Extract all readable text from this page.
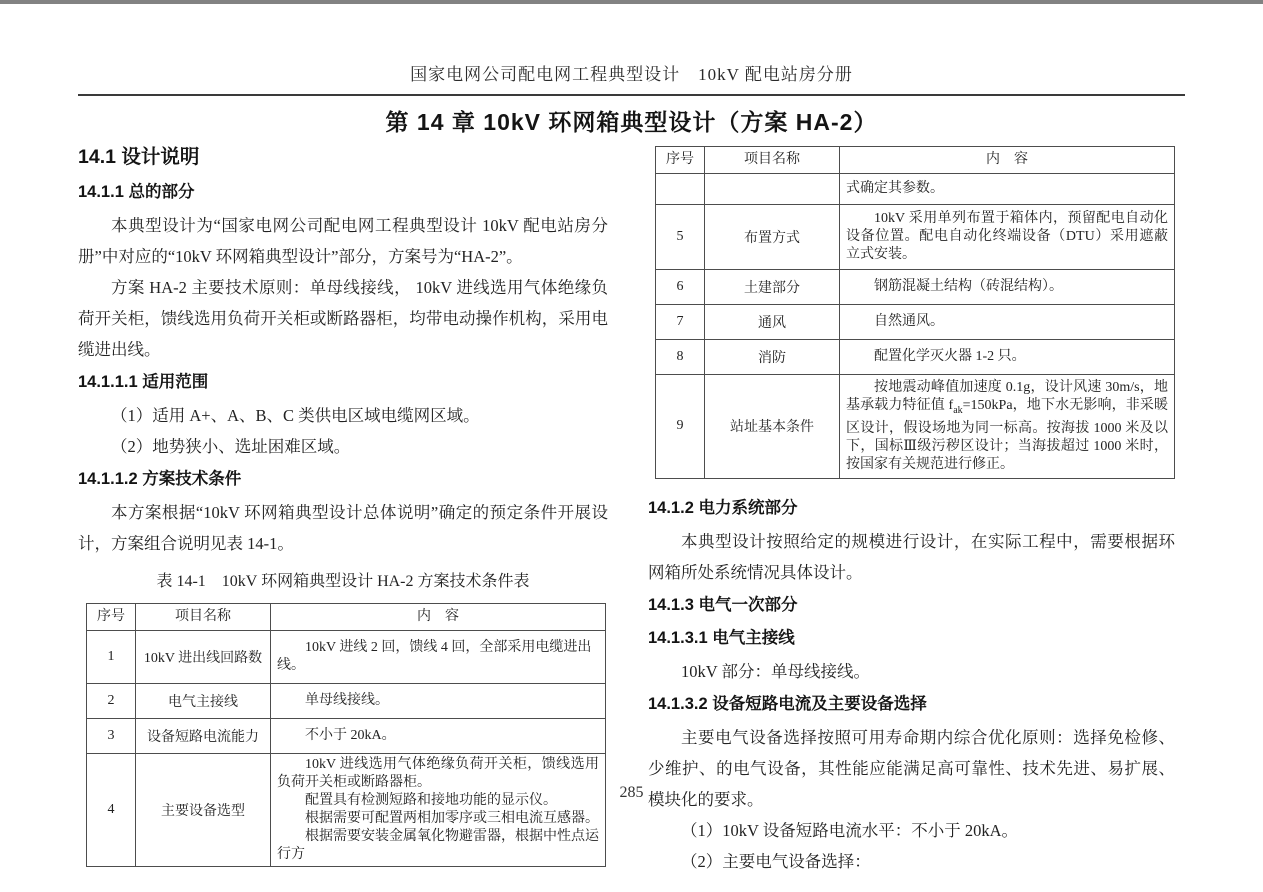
国家电网公司配电网工程典型设计　10kV 配电站房分册
第 14 章 10kV 环网箱典型设计（方案 HA-2）
14.1 设计说明
14.1.1 总的部分

本典型设计为“国家电网公司配电网工程典型设计 10kV 配电站房分册”中对应的“10kV 环网箱典型设计”部分，方案号为“HA-2”。

方案 HA-2 主要技术原则：单母线接线， 10kV 进线选用气体绝缘负荷开关柜，馈线选用负荷开关柜或断路器柜，均带电动操作机构，采用电缆进出线。

14.1.1.1 适用范围

（1）适用 A+、A、B、C 类供电区域电缆网区域。

（2）地势狭小、选址困难区域。

14.1.1.2 方案技术条件

本方案根据“10kV 环网箱典型设计总体说明”确定的预定条件开展设计，方案组合说明见表 14-1。

表 14-1　10kV 环网箱典型设计 HA-2 方案技术条件表

序号	项目名称	内　容
1	10kV 进出线回路数	10kV 进线 2 回，馈线 4 回，全部采用电缆进出线。

2	电气主接线	单母线接线。

3	设备短路电流能力	不小于 20kA。

4	主要设备选型	10kV 进线选用气体绝缘负荷开关柜，馈线选用负荷开关柜或断路器柜。

配置具有检测短路和接地功能的显示仪。

根据需要可配置两相加零序或三相电流互感器。

根据需要安装金属氧化物避雷器，根据中性点运行方

序号	项目名称	内　容

		式确定其参数。

5	布置方式	10kV 采用单列布置于箱体内，预留配电自动化设备位置。配电自动化终端设备（DTU）采用遮蔽立式安装。

6	土建部分	钢筋混凝土结构（砖混结构）。

7	通风	自然通风。

8	消防	配置化学灭火器 1-2 只。

9	站址基本条件	按地震动峰值加速度 0.1g，设计风速 30m/s，地基承载力特征值 $f_{ak}=150kPa$，地下水无影响，非采暖区设计，假设场地为同一标高。按海拔 1000 米及以下，国标Ⅲ级污秽区设计；当海拔超过 1000 米时，按国家有关规范进行修正。

14.1.2 电力系统部分

本典型设计按照给定的规模进行设计，在实际工程中，需要根据环网箱所处系统情况具体设计。

14.1.3 电气一次部分
14.1.3.1 电气主接线

10kV 部分：单母线接线。

14.1.3.2 设备短路电流及主要设备选择

主要电气设备选择按照可用寿命期内综合优化原则：选择免检修、少维护、的电气设备，其性能应能满足高可靠性、技术先进、易扩展、模块化的要求。

（1）10kV 设备短路电流水平：不小于 20kA。

（2）主要电气设备选择：

285
